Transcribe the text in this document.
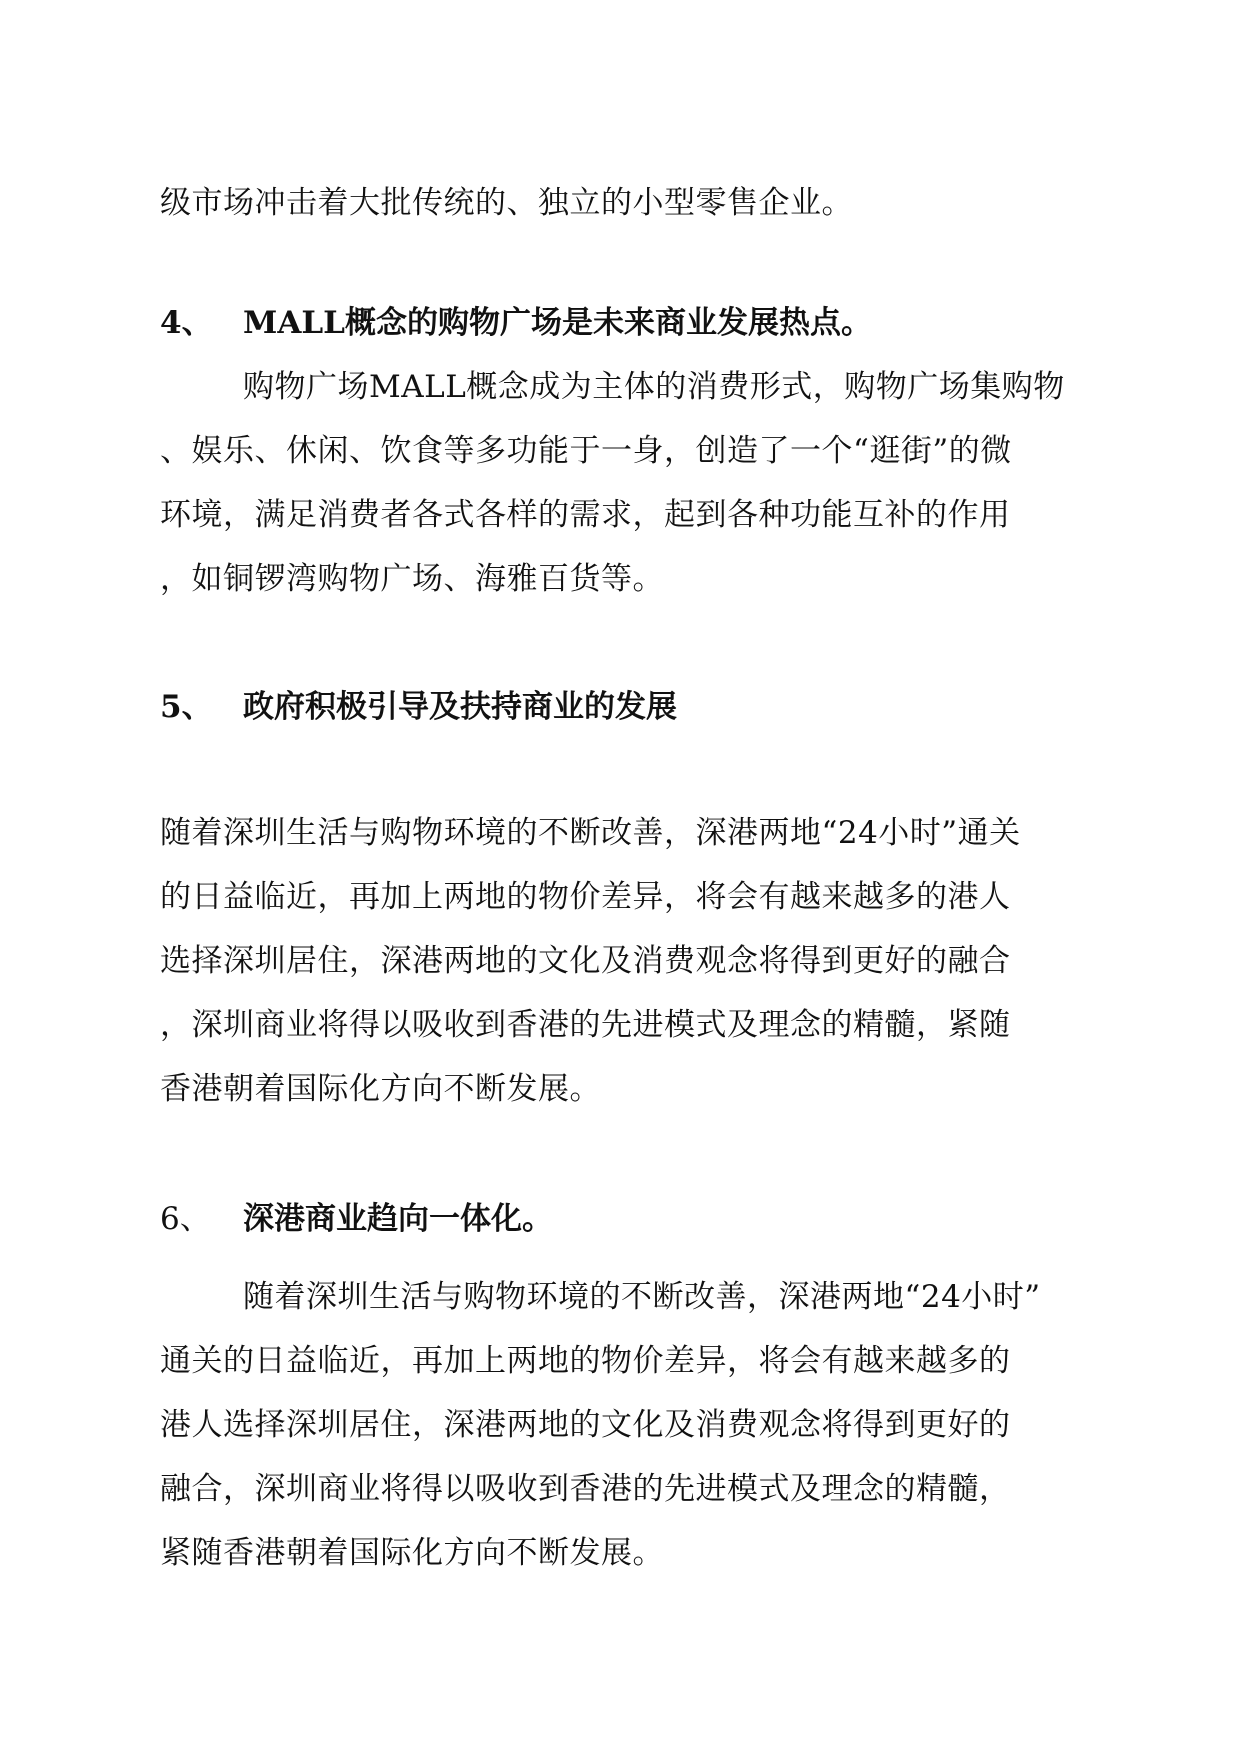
级市场冲击着大批传统的、独立的小型零售企业。
4、 MALL概念的购物广场是未来商业发展热点。
购物广场MALL概念成为主体的消费形式，购物广场集购物
、娱乐、休闲、饮食等多功能于一身，创造了一个“逛街”的微
环境，满足消费者各式各样的需求，起到各种功能互补的作用
，如铜锣湾购物广场、海雅百货等。
5、 政府积极引导及扶持商业的发展
随着深圳生活与购物环境的不断改善，深港两地“24小时”通关
的日益临近，再加上两地的物价差异，将会有越来越多的港人
选择深圳居住，深港两地的文化及消费观念将得到更好的融合
，深圳商业将得以吸收到香港的先进模式及理念的精髓，紧随
香港朝着国际化方向不断发展。
6、 深港商业趋向一体化。
随着深圳生活与购物环境的不断改善，深港两地“24小时”
通关的日益临近，再加上两地的物价差异，将会有越来越多的
港人选择深圳居住，深港两地的文化及消费观念将得到更好的
融合，深圳商业将得以吸收到香港的先进模式及理念的精髓，
紧随香港朝着国际化方向不断发展。
